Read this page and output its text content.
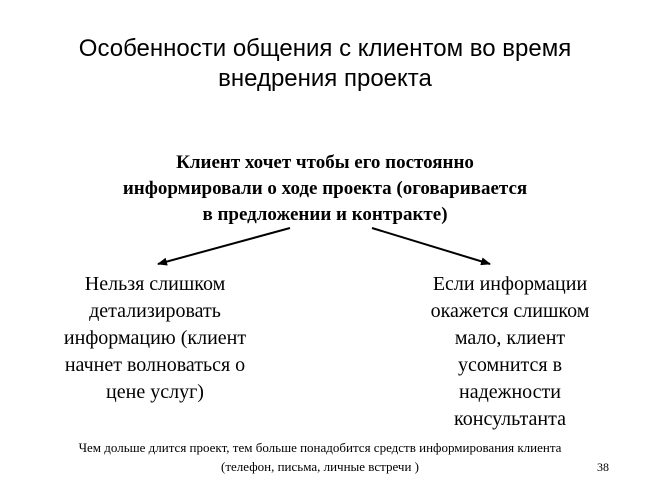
Особенности общения с клиентом во время
внедрения проекта
Клиент хочет чтобы его постоянно
информировали о ходе проекта (оговаривается
в предложении и контракте)
Нельзя слишком
детализировать
информацию (клиент
начнет волноваться о
цене услуг)
Если информации
окажется слишком
мало, клиент
усомнится в
надежности
консультанта
Чем дольше длится проект, тем больше понадобится средств информирования клиента
(телефон, письма, личные встречи )	38
